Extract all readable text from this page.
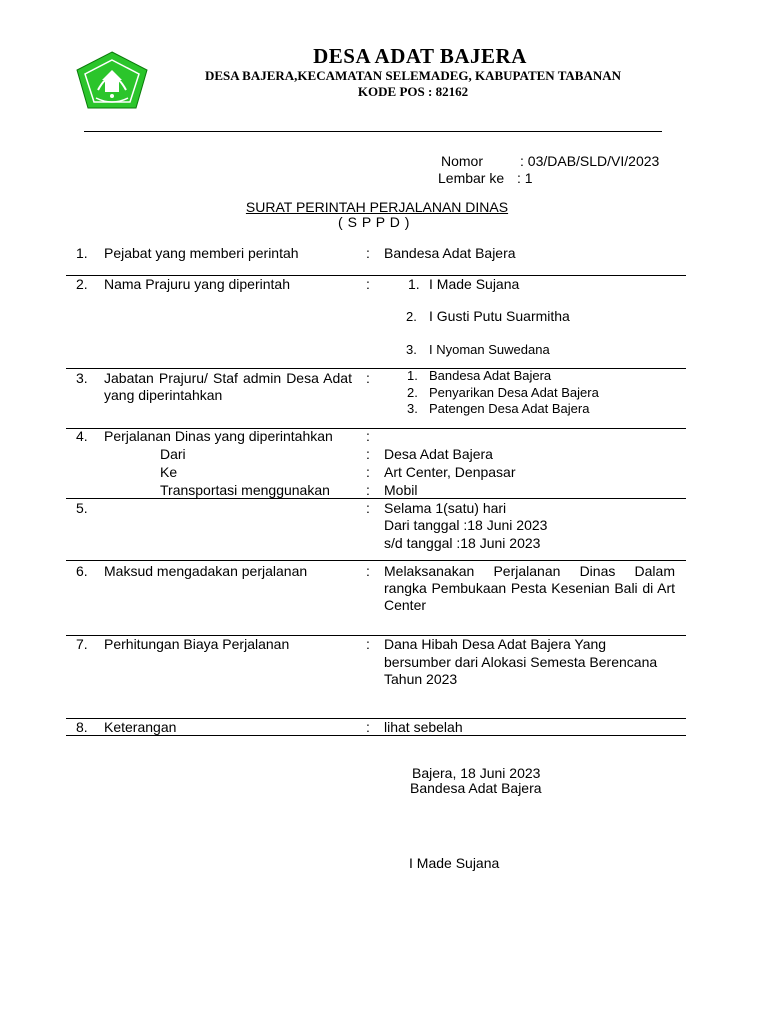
DESA ADAT BAJERA
DESA BAJERA,KECAMATAN SELEMADEG, KABUPATEN TABANAN
KODE POS : 82162
Nomor	: 03/DAB/SLD/VI/2023
Lembar ke : 1
SURAT PERINTAH PERJALANAN DINAS
( S P P D )
1. Pejabat yang memberi perintah	: Bandesa Adat Bajera
2. Nama Prajuru yang diperintah	:	1. I Made Sujana
2. I Gusti Putu Suarmitha
3. I Nyoman Suwedana
3. Jabatan Prajuru/ Staf admin Desa Adat yang diperintahkan
:	1. Bandesa Adat Bajera
2. Penyarikan Desa Adat Bajera
3. Patengen Desa Adat Bajera
4. Perjalanan Dinas yang diperintahkan :
Dari	: Desa Adat Bajera
Ke	: Art Center, Denpasar
Transportasi menggunakan	: Mobil
5.	: Selama 1(satu) hari
Dari tanggal :18 Juni 2023
s/d tanggal :18 Juni 2023
6. Maksud mengadakan perjalanan	: Melaksanakan Perjalanan Dinas Dalam rangka Pembukaan Pesta Kesenian Bali di Art Center
7. Perhitungan Biaya Perjalanan	: Dana Hibah Desa Adat Bajera Yang
bersumber dari Alokasi Semesta Berencana
Tahun 2023
8. Keterangan	: lihat sebelah
Bajera, 18 Juni 2023
Bandesa Adat Bajera
I Made Sujana
